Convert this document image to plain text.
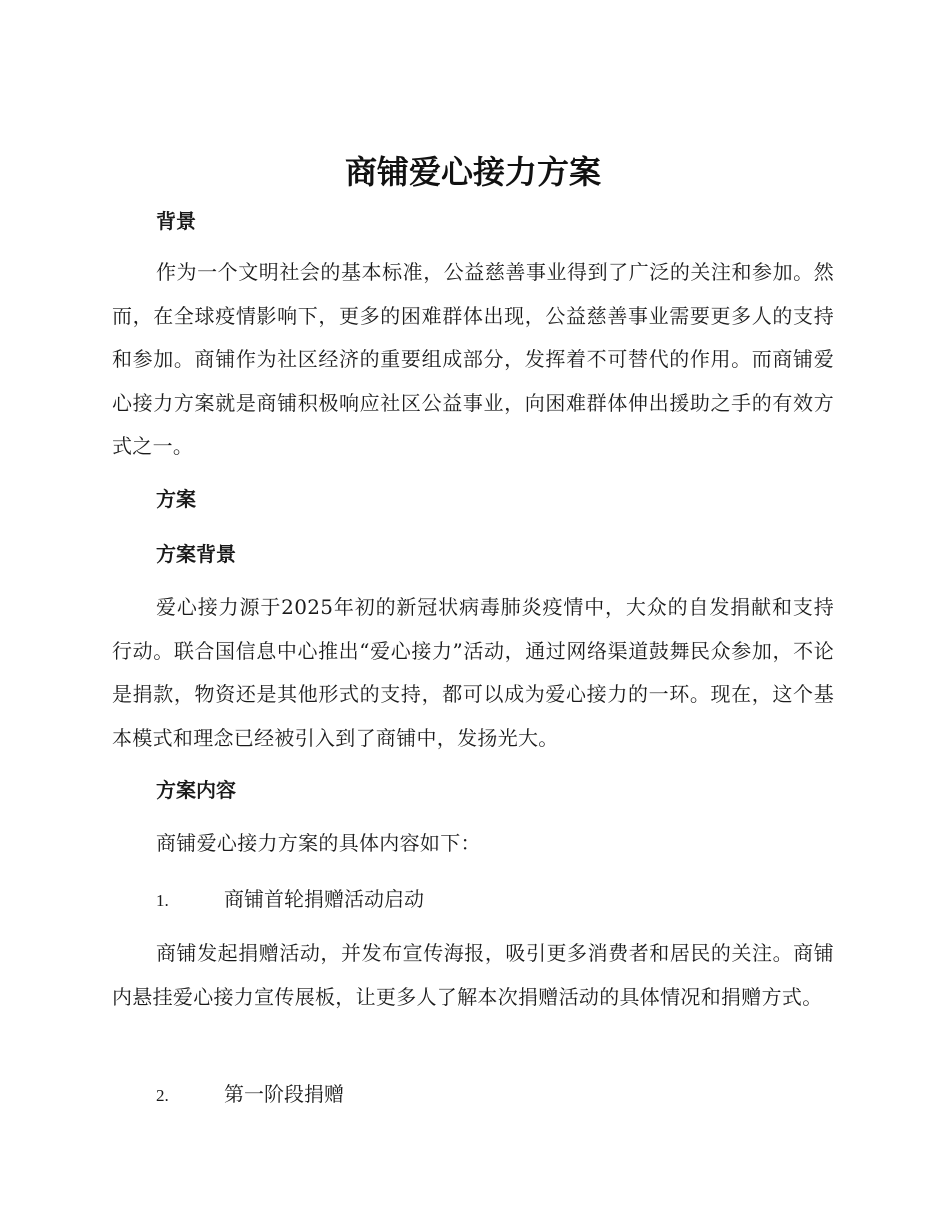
商铺爱心接力方案
背景

作为一个文明社会的基本标准，公益慈善事业得到了广泛的关注和参加。然而，在全球疫情影响下，更多的困难群体出现，公益慈善事业需要更多人的支持和参加。商铺作为社区经济的重要组成部分，发挥着不可替代的作用。而商铺爱心接力方案就是商铺积极响应社区公益事业，向困难群体伸出援助之手的有效方式之一。

方案
方案背景

爱心接力源于2025年初的新冠状病毒肺炎疫情中，大众的自发捐献和支持行动。联合国信息中心推出“爱心接力”活动，通过网络渠道鼓舞民众参加，不论是捐款，物资还是其他形式的支持，都可以成为爱心接力的一环。现在，这个基本模式和理念已经被引入到了商铺中，发扬光大。

方案内容

商铺爱心接力方案的具体内容如下：

1.	商铺首轮捐赠活动启动

商铺发起捐赠活动，并发布宣传海报，吸引更多消费者和居民的关注。商铺内悬挂爱心接力宣传展板，让更多人了解本次捐赠活动的具体情况和捐赠方式。

2.	第一阶段捐赠
